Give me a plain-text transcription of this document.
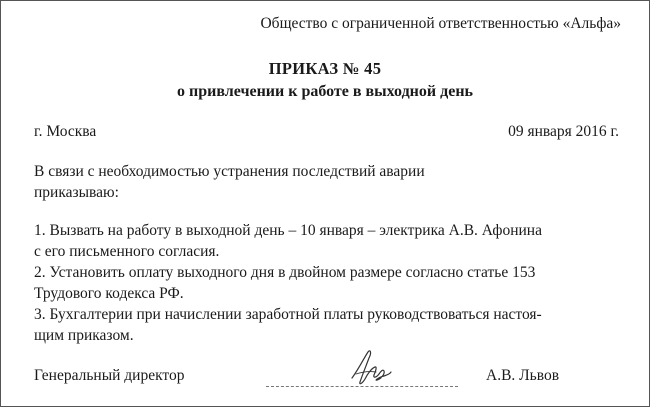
Общество с ограниченной ответственностью «Альфа»
ПРИКАЗ № 45
о привлечении к работе в выходной день
г. Москва	09 января 2016 г.
В связи с необходимостью устранения последствий аварии
приказываю:
1. Вызвать на работу в выходной день – 10 января – электрика А.В. Афонина
с его письменного согласия.
2. Установить оплату выходного дня в двойном размере согласно статье 153
Трудового кодекса РФ.
3. Бухгалтерии при начислении заработной платы руководствоваться настоя-
щим приказом.
Генеральный директор	А.В. Львов
